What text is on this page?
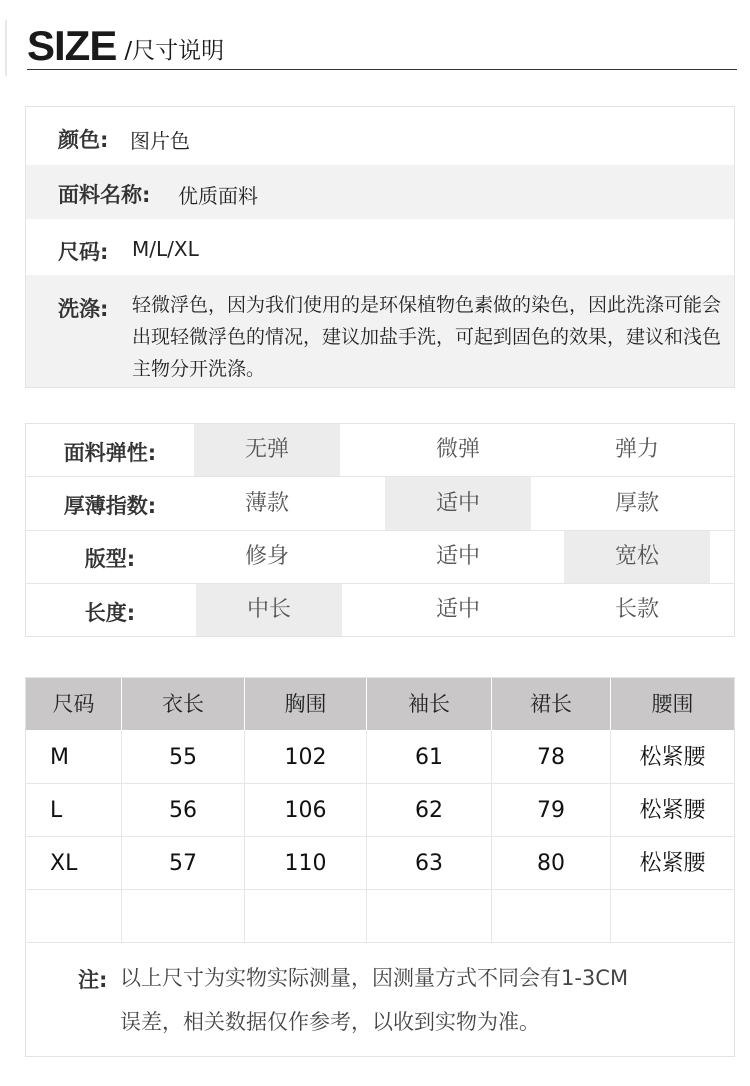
SIZE /尺寸说明
颜色: 图片色
面料名称: 优质面料
尺码: M/L/XL
洗涤: 轻微浮色，因为我们使用的是环保植物色素做的染色，因此洗涤可能会出现轻微浮色的情况，建议加盐手洗，可起到固色的效果，建议和浅色主物分开洗涤。
面料弹性:	无弹	微弹	弹力
厚薄指数:	薄款	适中	厚款
版型:	修身	适中	宽松
长度:	中长	适中	长款
尺码	衣长	胸围	袖长	裙长	腰围
M	55	102	61	78	松紧腰
L	56	106	62	79	松紧腰
XL	57	110	63	80	松紧腰
注: 以上尺寸为实物实际测量，因测量方式不同会有1-3CM
误差，相关数据仅作参考，以收到实物为准。
